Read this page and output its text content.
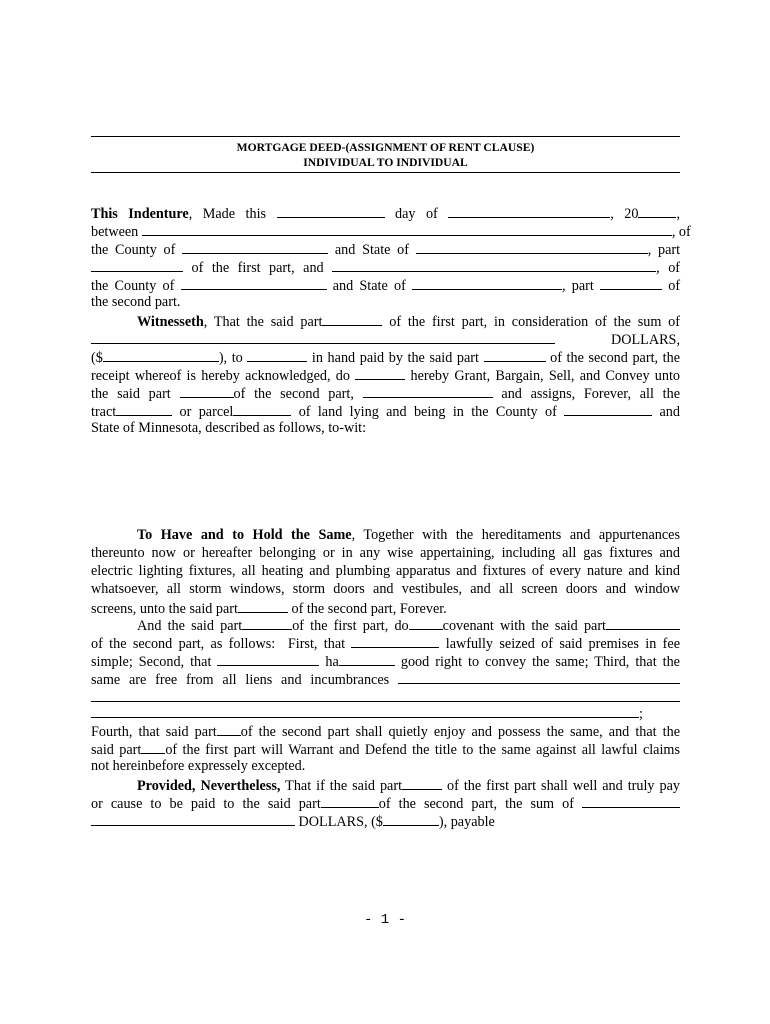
MORTGAGE DEED-(ASSIGNMENT OF RENT CLAUSE)
INDIVIDUAL TO INDIVIDUAL
This Indenture, Made this	day of	, 20	,
between	, of
the County of	and State of	, part
of the first part, and	, of
the County of	and State of	, part	of
the second part.
Witnesseth, That the said part	of the first part, in consideration of the sum of
DOLLARS,
($	), to	in hand paid by the said part	of the second part, the
receipt whereof is hereby acknowledged, do	hereby Grant, Bargain, Sell, and Convey unto
the said part	of the second part,	and assigns, Forever, all the
tract	or parcel	of land lying and being in the County of	and
State of Minnesota, described as follows, to-wit:
To Have and to Hold the Same, Together with the hereditaments and appurtenances
thereunto now or hereafter belonging or in any wise appertaining, including all gas fixtures and
electric lighting fixtures, all heating and plumbing apparatus and fixtures of every nature and kind
whatsoever, all storm windows, storm doors and vestibules, and all screen doors and window
screens, unto the said part	of the second part, Forever.
And the said part	of the first part, do covenant with the said part
of the second part, as follows:  First, that	lawfully seized of said premises in fee
simple; Second, that	ha	good right to convey the same; Third, that the
same are free from all liens and incumbrances
;
Fourth, that said part of the second part shall quietly enjoy and possess the same, and that the
said part of the first part will Warrant and Defend the title to the same against all lawful claims
not hereinbefore expressely excepted.
Provided, Nevertheless, That if the said part	of the first part shall well and truly pay
or cause to be paid to the said part	of the second part, the sum of
DOLLARS, ($	), payable
- 1 -
